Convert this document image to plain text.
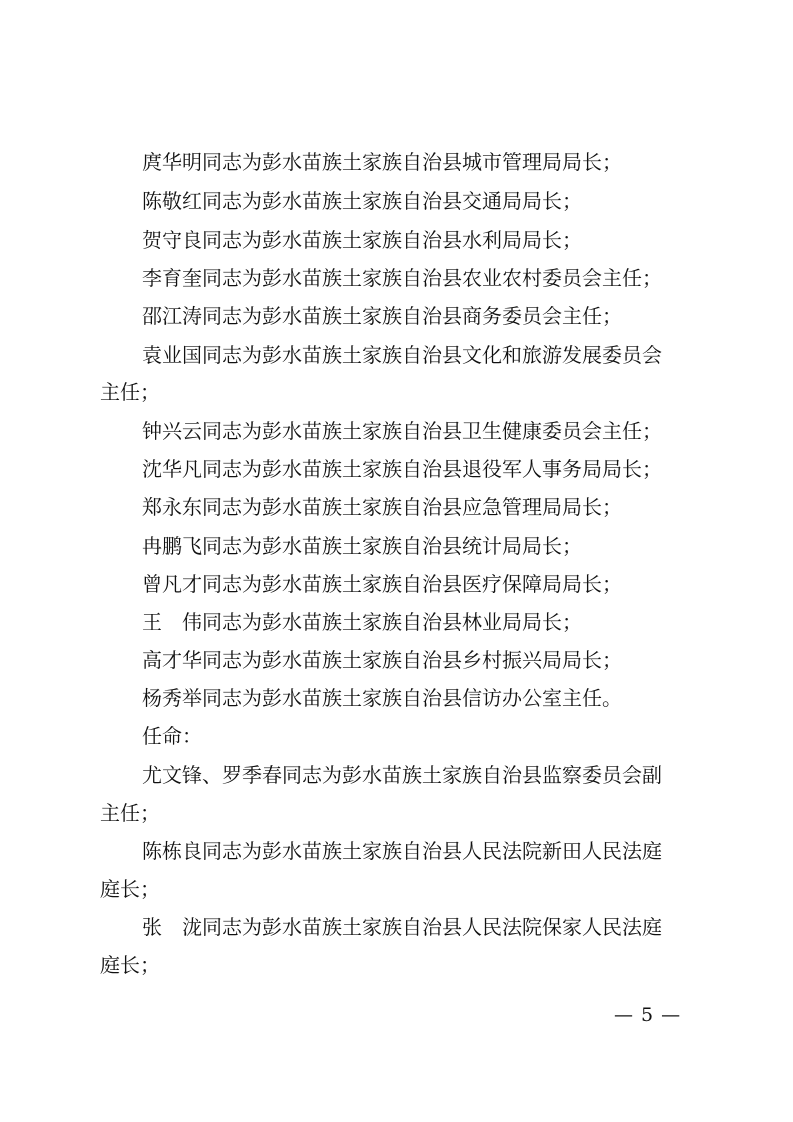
庹华明同志为彭水苗族土家族自治县城市管理局局长；
陈敬红同志为彭水苗族土家族自治县交通局局长；
贺守良同志为彭水苗族土家族自治县水利局局长；
李育奎同志为彭水苗族土家族自治县农业农村委员会主任；
邵江涛同志为彭水苗族土家族自治县商务委员会主任；
袁业国同志为彭水苗族土家族自治县文化和旅游发展委员会
主任；
钟兴云同志为彭水苗族土家族自治县卫生健康委员会主任；
沈华凡同志为彭水苗族土家族自治县退役军人事务局局长；
郑永东同志为彭水苗族土家族自治县应急管理局局长；
冉鹏飞同志为彭水苗族土家族自治县统计局局长；
曾凡才同志为彭水苗族土家族自治县医疗保障局局长；
王　伟同志为彭水苗族土家族自治县林业局局长；
高才华同志为彭水苗族土家族自治县乡村振兴局局长；
杨秀举同志为彭水苗族土家族自治县信访办公室主任。
任命：
尤文锋、罗季春同志为彭水苗族土家族自治县监察委员会副
主任；
陈栋良同志为彭水苗族土家族自治县人民法院新田人民法庭
庭长；
张　泷同志为彭水苗族土家族自治县人民法院保家人民法庭
庭长；
— 5 —
